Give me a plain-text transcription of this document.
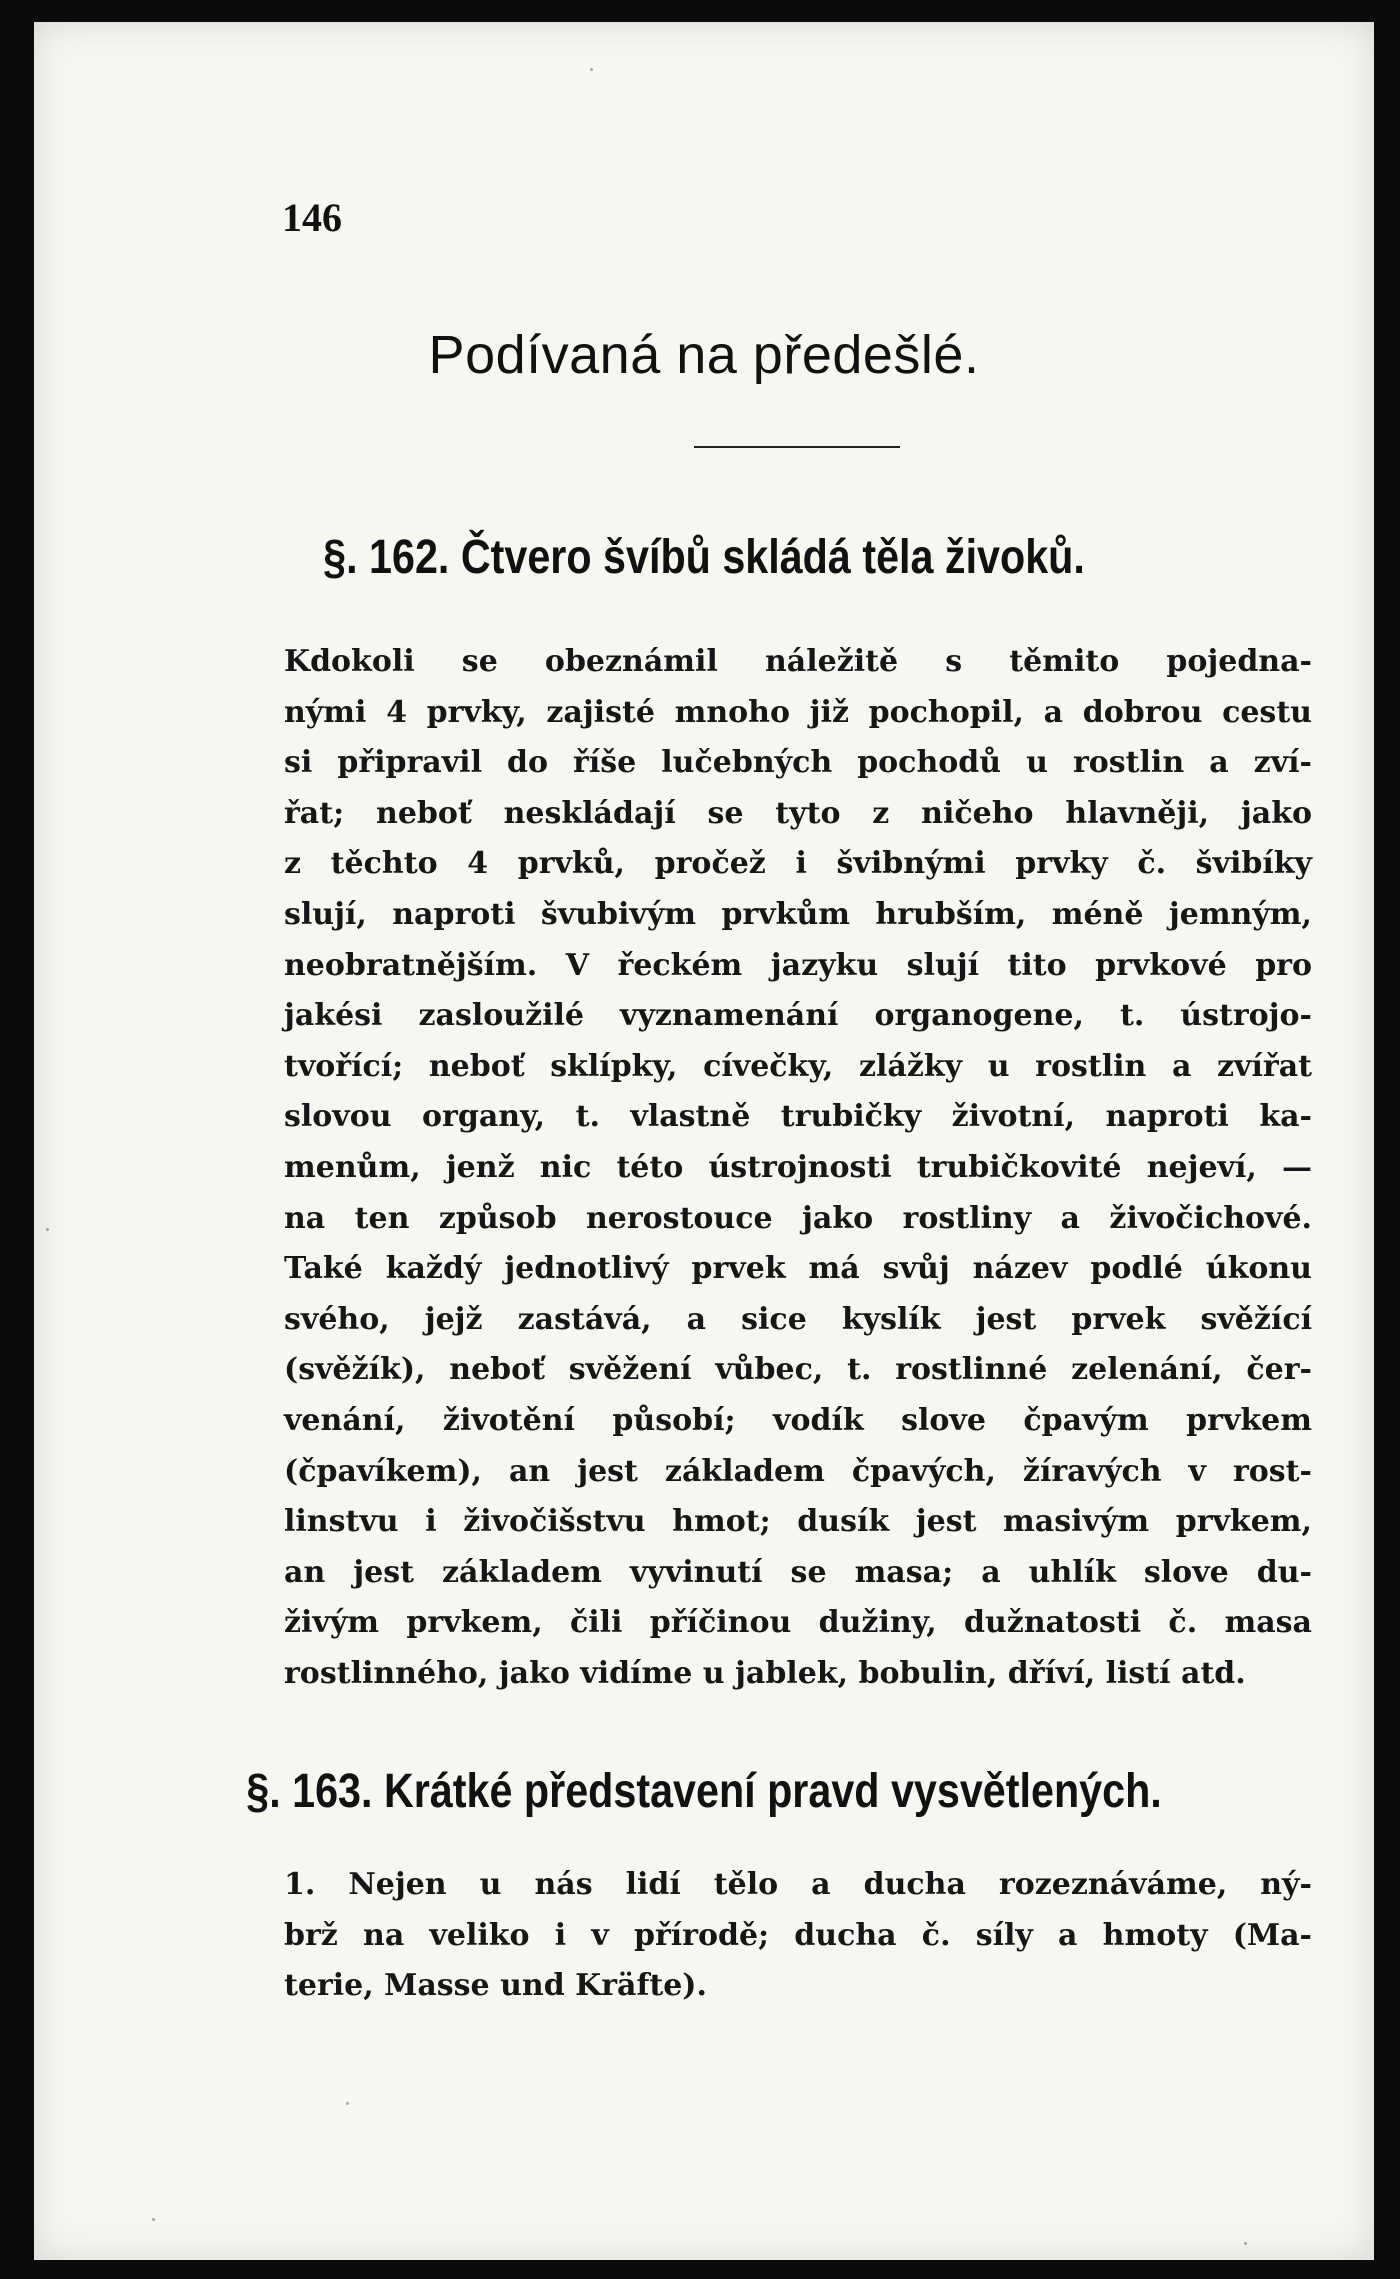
146
Podívaná na předešlé.
§. 162. Čtvero švíbů skládá těla živoků.
Kdokoli se obeznámil náležitě s těmito pojedna-
nými 4 prvky, zajisté mnoho již pochopil, a dobrou cestu
si připravil do říše lučebných pochodů u rostlin a zví-
řat; neboť neskládají se tyto z ničeho hlavněji, jako
z těchto 4 prvků, pročež i švibnými prvky č. švibíky
slují, naproti švubivým prvkům hrubším, méně jemným,
neobratnějším. V řeckém jazyku slují tito prvkové pro
jakési zasloužilé vyznamenání organogene, t. ústrojo-
tvořící; neboť sklípky, cívečky, zlážky u rostlin a zvířat
slovou organy, t. vlastně trubičky životní, naproti ka-
menům, jenž nic této ústrojnosti trubičkovité nejeví, —
na ten způsob nerostouce jako rostliny a živočichové.
Také každý jednotlivý prvek má svůj název podlé úkonu
svého, jejž zastává, a sice kyslík jest prvek svěžící
(svěžík), neboť svěžení vůbec, t. rostlinné zelenání, čer-
venání, životění působí; vodík slove čpavým prvkem
(čpavíkem), an jest základem čpavých, žíravých v rost-
linstvu i živočišstvu hmot; dusík jest masivým prvkem,
an jest základem vyvinutí se masa; a uhlík slove du-
živým prvkem, čili příčinou dužiny, dužnatosti č. masa
rostlinného, jako vidíme u jablek, bobulin, dříví, listí atd.
§. 163. Krátké představení pravd vysvětlených.
1. Nejen u nás lidí tělo a ducha rozeznáváme, ný-
brž na veliko i v přírodě; ducha č. síly a hmoty (Ma-
terie, Masse und Kräfte).
